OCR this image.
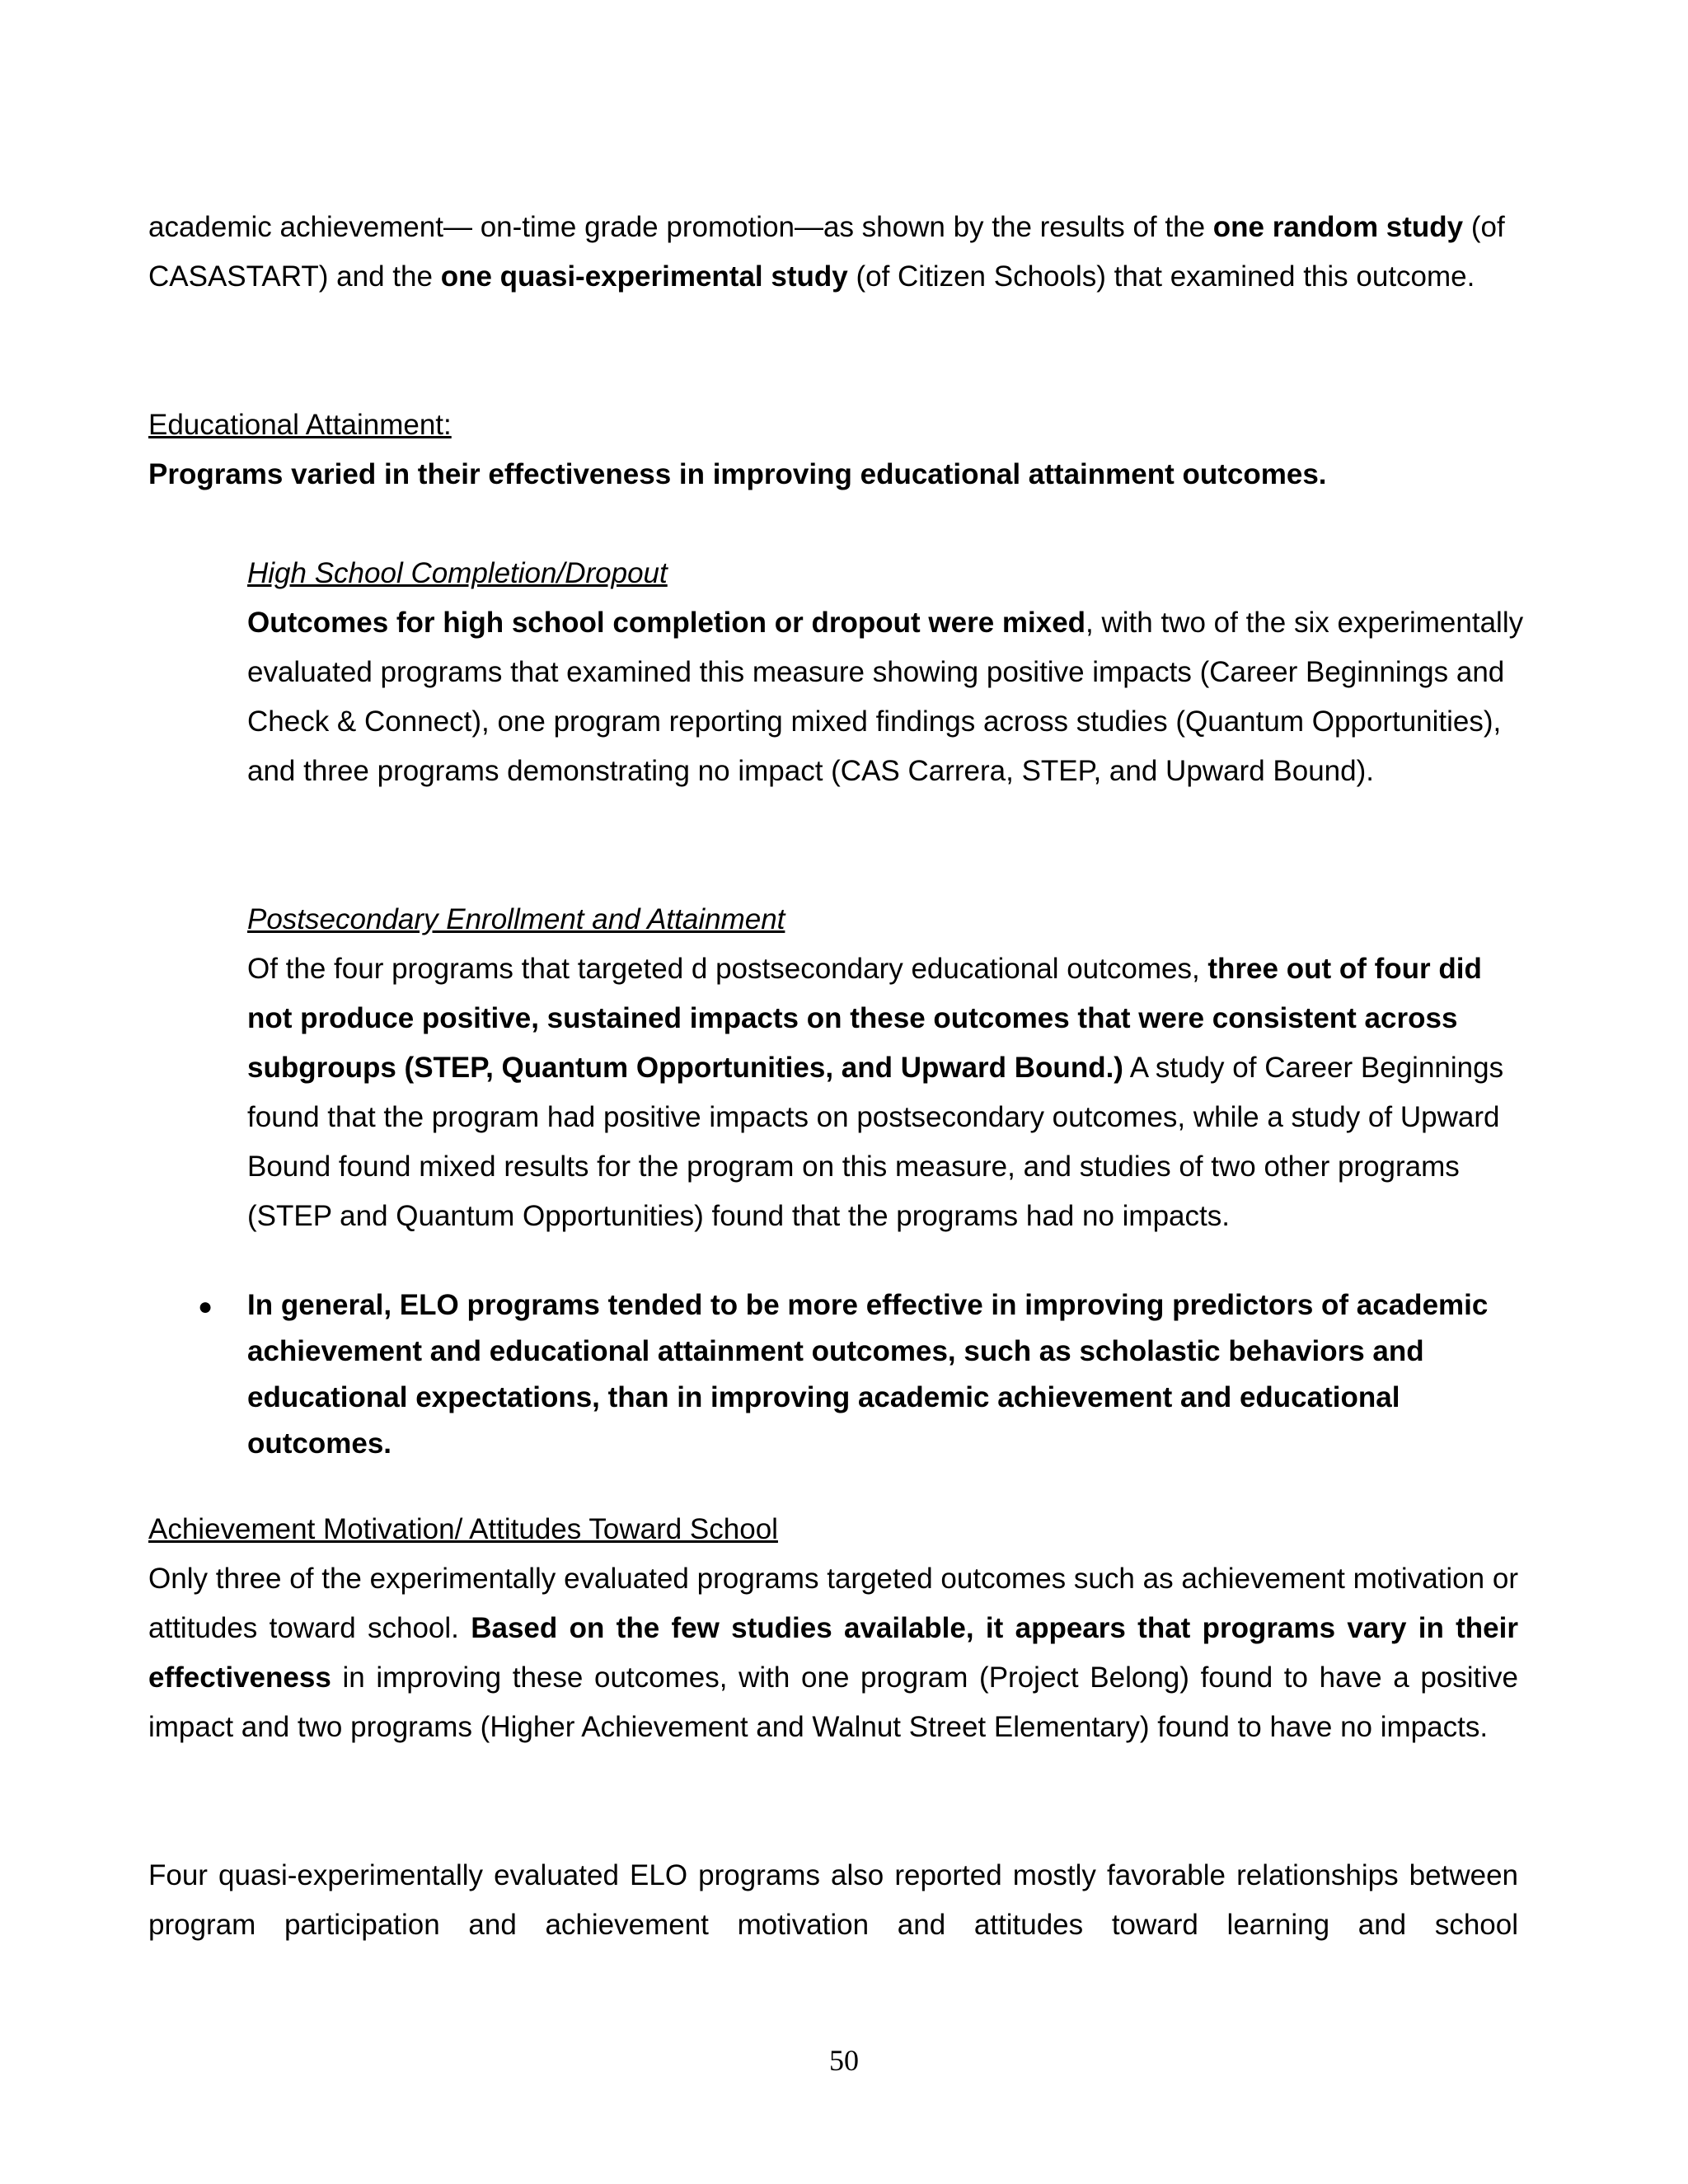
academic achievement— on-time grade promotion—as shown by the results of the one random study (of CASASTART) and the one quasi-experimental study (of Citizen Schools) that examined this outcome.

Educational Attainment:

Programs varied in their effectiveness in improving educational attainment outcomes.

High School Completion/Dropout

Outcomes for high school completion or dropout were mixed, with two of the six experimentally evaluated programs that examined this measure showing positive impacts (Career Beginnings and Check & Connect), one program reporting mixed findings across studies (Quantum Opportunities), and three programs demonstrating no impact (CAS Carrera, STEP, and Upward Bound).

Postsecondary Enrollment and Attainment

Of the four programs that targeted d postsecondary educational outcomes, three out of four did not produce positive, sustained impacts on these outcomes that were consistent across subgroups (STEP, Quantum Opportunities, and Upward Bound.) A study of Career Beginnings found that the program had positive impacts on postsecondary outcomes, while a study of Upward Bound found mixed results for the program on this measure, and studies of two other programs (STEP and Quantum Opportunities) found that the programs had no impacts.

●	In general, ELO programs tended to be more effective in improving predictors of academic achievement and educational attainment outcomes, such as scholastic behaviors and educational expectations, than in improving academic achievement and educational outcomes.

Achievement Motivation/ Attitudes Toward School

Only three of the experimentally evaluated programs targeted outcomes such as achievement motivation or attitudes toward school. Based on the few studies available, it appears that programs vary in their effectiveness in improving these outcomes, with one program (Project Belong) found to have a positive impact and two programs (Higher Achievement and Walnut Street Elementary) found to have no impacts.

Four quasi-experimentally evaluated ELO programs also reported mostly favorable relationships between program participation and achievement motivation and attitudes toward learning and school

50
